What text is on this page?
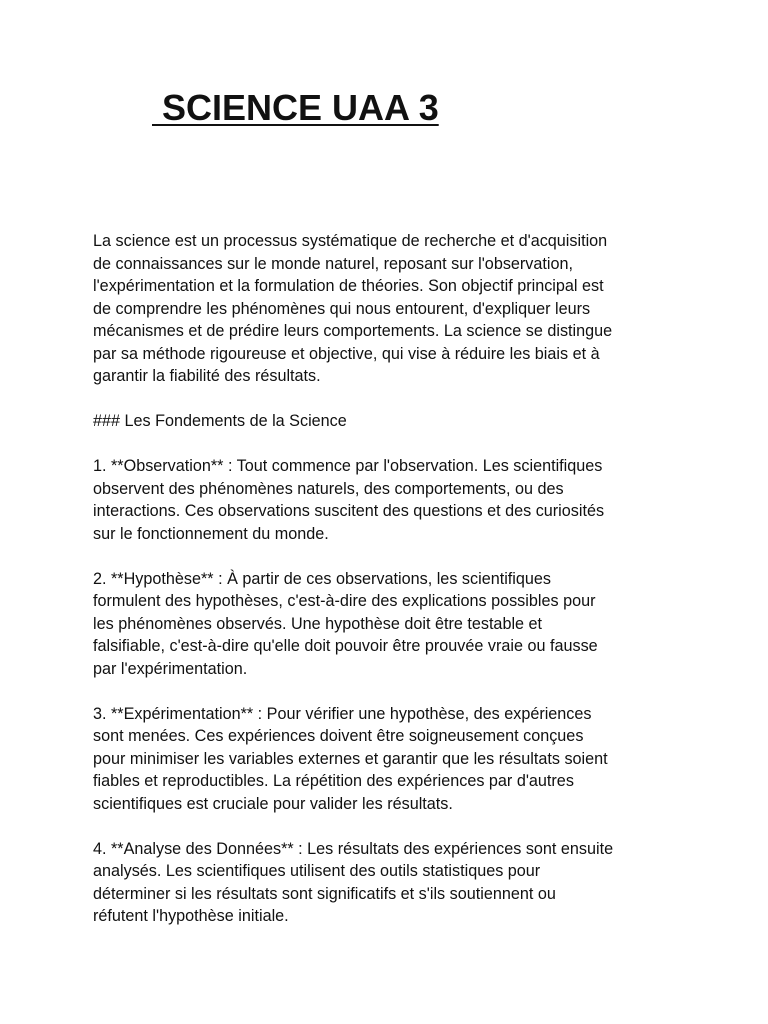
SCIENCE UAA 3

La science est un processus systématique de recherche et d'acquisition
de connaissances sur le monde naturel, reposant sur l'observation,
l'expérimentation et la formulation de théories. Son objectif principal est
de comprendre les phénomènes qui nous entourent, d'expliquer leurs
mécanismes et de prédire leurs comportements. La science se distingue
par sa méthode rigoureuse et objective, qui vise à réduire les biais et à
garantir la fiabilité des résultats.

### Les Fondements de la Science

1. **Observation** : Tout commence par l'observation. Les scientifiques
observent des phénomènes naturels, des comportements, ou des
interactions. Ces observations suscitent des questions et des curiosités
sur le fonctionnement du monde.

2. **Hypothèse** : À partir de ces observations, les scientifiques
formulent des hypothèses, c'est-à-dire des explications possibles pour
les phénomènes observés. Une hypothèse doit être testable et
falsifiable, c'est-à-dire qu'elle doit pouvoir être prouvée vraie ou fausse
par l'expérimentation.

3. **Expérimentation** : Pour vérifier une hypothèse, des expériences
sont menées. Ces expériences doivent être soigneusement conçues
pour minimiser les variables externes et garantir que les résultats soient
fiables et reproductibles. La répétition des expériences par d'autres
scientifiques est cruciale pour valider les résultats.

4. **Analyse des Données** : Les résultats des expériences sont ensuite
analysés. Les scientifiques utilisent des outils statistiques pour
déterminer si les résultats sont significatifs et s'ils soutiennent ou
réfutent l'hypothèse initiale.
